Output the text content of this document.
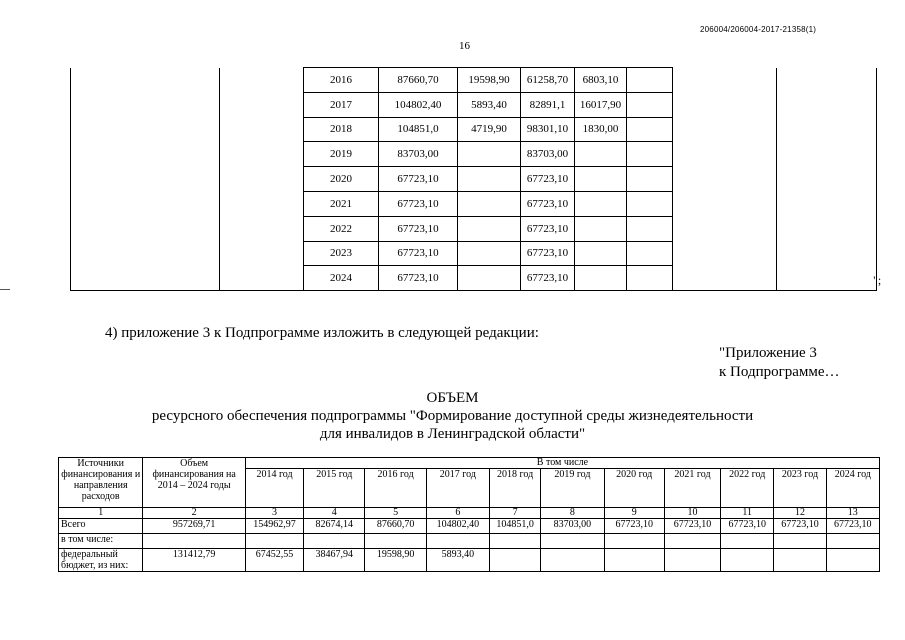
206004/206004-2017-21358(1)
16
		2016	87660,70	19598,90	61258,70	6803,10			
		2017	104802,40	5893,40	82891,1	16017,90			
		2018	104851,0	4719,90	98301,10	1830,00			
		2019	83703,00		83703,00				
		2020	67723,10		67723,10				
		2021	67723,10		67723,10				
		2022	67723,10		67723,10				
		2023	67723,10		67723,10				
		2024	67723,10		67723,10					";
4) приложение 3 к Подпрограмме изложить в следующей редакции:
"Приложение 3
к Подпрограмме…
ОБЪЕМ
ресурсного обеспечения подпрограммы "Формирование доступной среды жизнедеятельности
для инвалидов в Ленинградской области"
Источники финансирования и направления расходов	Объем финансирования на 2014 – 2024 годы	В том числе										
		2014 год	2015 год	2016 год	2017 год	2018 год	2019 год	2020 год	2021 год	2022 год	2023 год	2024 год
1	2	3	4	5	6	7	8	9	10	11	12	13
Всего	957269,71	154962,97	82674,14	87660,70	104802,40	104851,0	83703,00	67723,10	67723,10	67723,10	67723,10	67723,10
в том числе:												
федеральный бюджет, из них:	131412,79	67452,55	38467,94	19598,90	5893,40							
